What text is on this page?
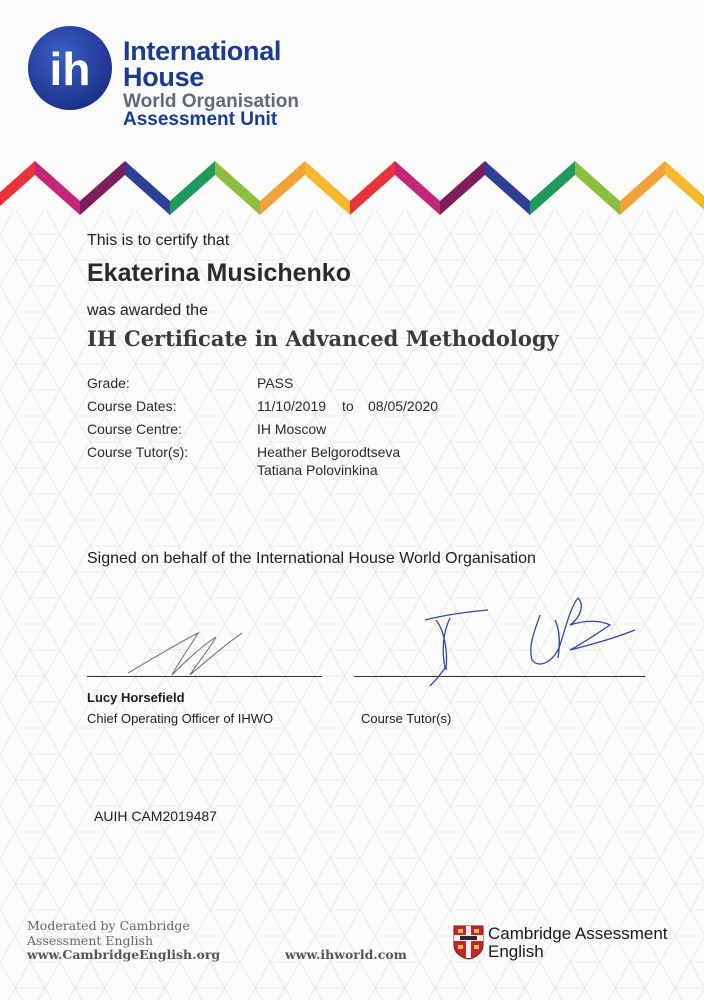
ih International
House
World Organisation
Assessment Unit
This is to certify that
Ekaterina Musichenko
was awarded the
IH Certificate in Advanced Methodology
Grade:	PASS
Course Dates:	11/10/2019 to 08/05/2020
Course Centre:	IH Moscow
Course Tutor(s):	Heather Belgorodtseva
Tatiana Polovinkina
Signed on behalf of the International House World Organisation
Lucy Horsefield
Chief Operating Officer of IHWO	Course Tutor(s)
AUIH CAM2019487
Moderated by Cambridge
Assessment English
www.CambridgeEnglish.org	www.ihworld.com
Cambridge Assessment
English
